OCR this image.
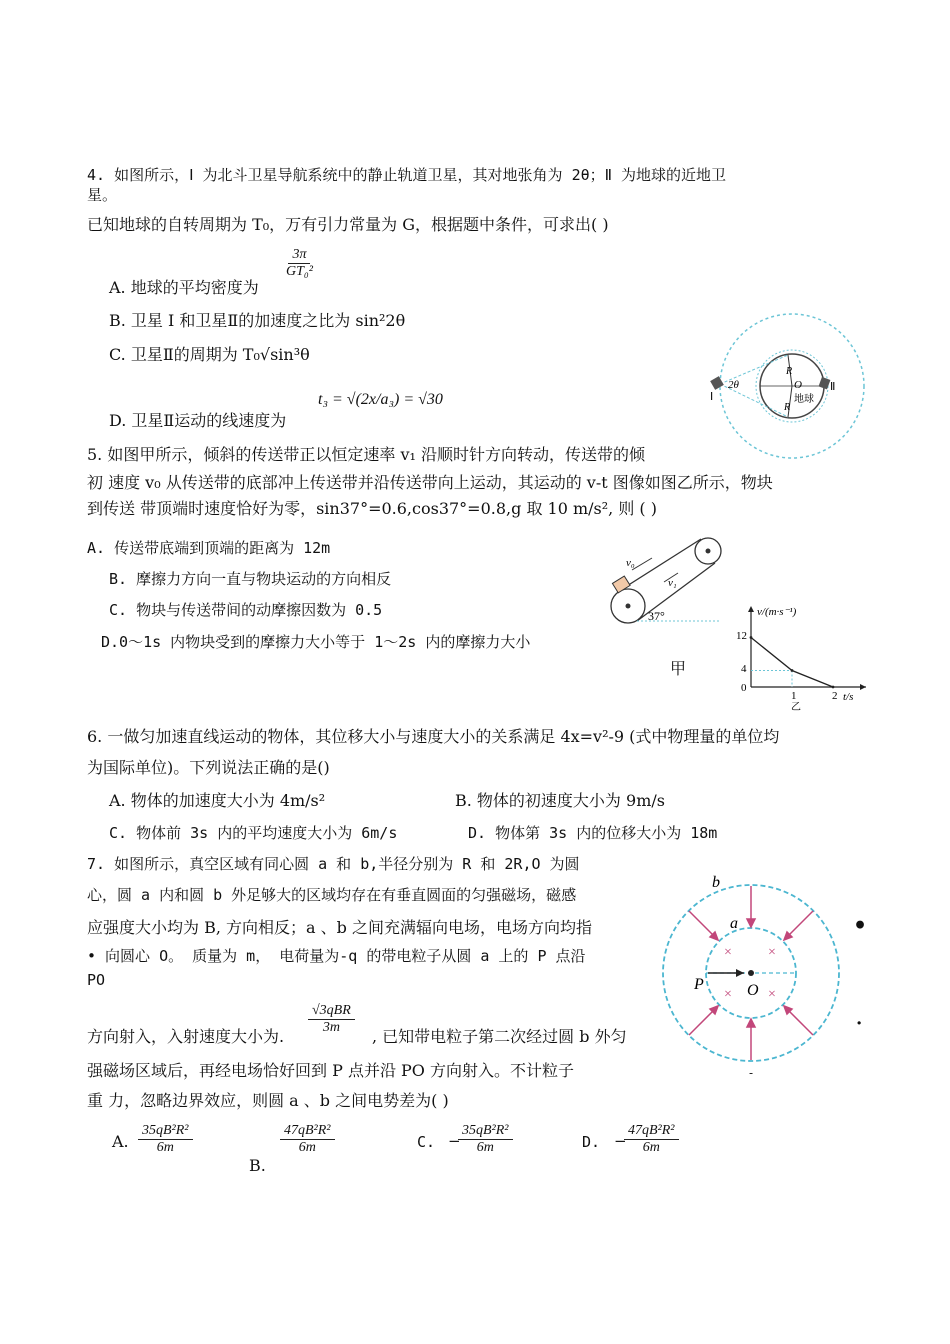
4. 如图所示，Ⅰ 为北斗卫星导航系统中的静止轨道卫星，其对地张角为 2θ；Ⅱ 为地球的近地卫
星。
已知地球的自转周期为 T₀，万有引力常量为 G，根据题中条件，可求出( )
A. 地球的平均密度为
$\frac{3\pi}{\text{GT₀²}}$
B. 卫星 Ⅰ 和卫星Ⅱ的加速度之比为 sin²2θ
C. 卫星Ⅱ的周期为 T₀√sin³θ
D. 卫星Ⅱ运动的线速度为
t₃ = √(2x/a₃) = √30	Ⅰ
Ⅱ
2θ
R
R
O
地球
5. 如图甲所示，倾斜的传送带正以恒定速率 v₁ 沿顺时针方向转动，传送带的倾
初 速度 v₀ 从传送带的底部冲上传送带并沿传送带向上运动，其运动的 v-t 图像如图乙所示，物块
到传送 带顶端时速度恰好为零，sin37°=0.6,cos37°=0.8,g 取 10 m/s², 则 ( )
A. 传送带底端到顶端的距离为 12m
B. 摩擦力方向一直与物块运动的方向相反
C. 物块与传送带间的动摩擦因数为 0.5
D.0～1s 内物块受到的摩擦力大小等于 1～2s 内的摩擦力大小
v₀
v₁
37°
甲
v/(m·s⁻¹)
t/s
12
4
0
1	2
乙
6. 一做匀加速直线运动的物体，其位移大小与速度大小的关系满足 4x=v²-9 (式中物理量的单位均
为国际单位)。下列说法正确的是()
A. 物体的加速度大小为 4m/s²	B. 物体的初速度大小为 9m/s
C. 物体前 3s 内的平均速度大小为 6m/s	D. 物体第 3s 内的位移大小为 18m
7. 如图所示，真空区域有同心圆 a 和 b,半径分别为 R 和 2R,O 为圆
心，圆 a 内和圆 b 外足够大的区域均存在有垂直圆面的匀强磁场，磁感
应强度大小均为 B, 方向相反；a 、b 之间充满辐向电场，电场方向均指
• 向圆心 O。 质量为 m， 电荷量为-q 的带电粒子从圆 a 上的 P 点沿
PO
方向射入，入射速度大小为.
√3qBR
3m , 已知带电粒子第二次经过圆 b 外匀
强磁场区域后，再经电场恰好回到 P 点并沿 PO 方向射入。不计粒子
重 力，忽略边界效应，则圆 a 、b 之间电势差为( )
A. $\frac{\text{35qB²R²}}{6m}$
B.
$\frac{\text{47qB²R²}}{6m}$	C. −
$\frac{\text{35qB²R²}}{6m}$	D. −
$\frac{\text{47qB²R²}}{6m}$
×	×
×	×
b
a
P	O
•
·
-
